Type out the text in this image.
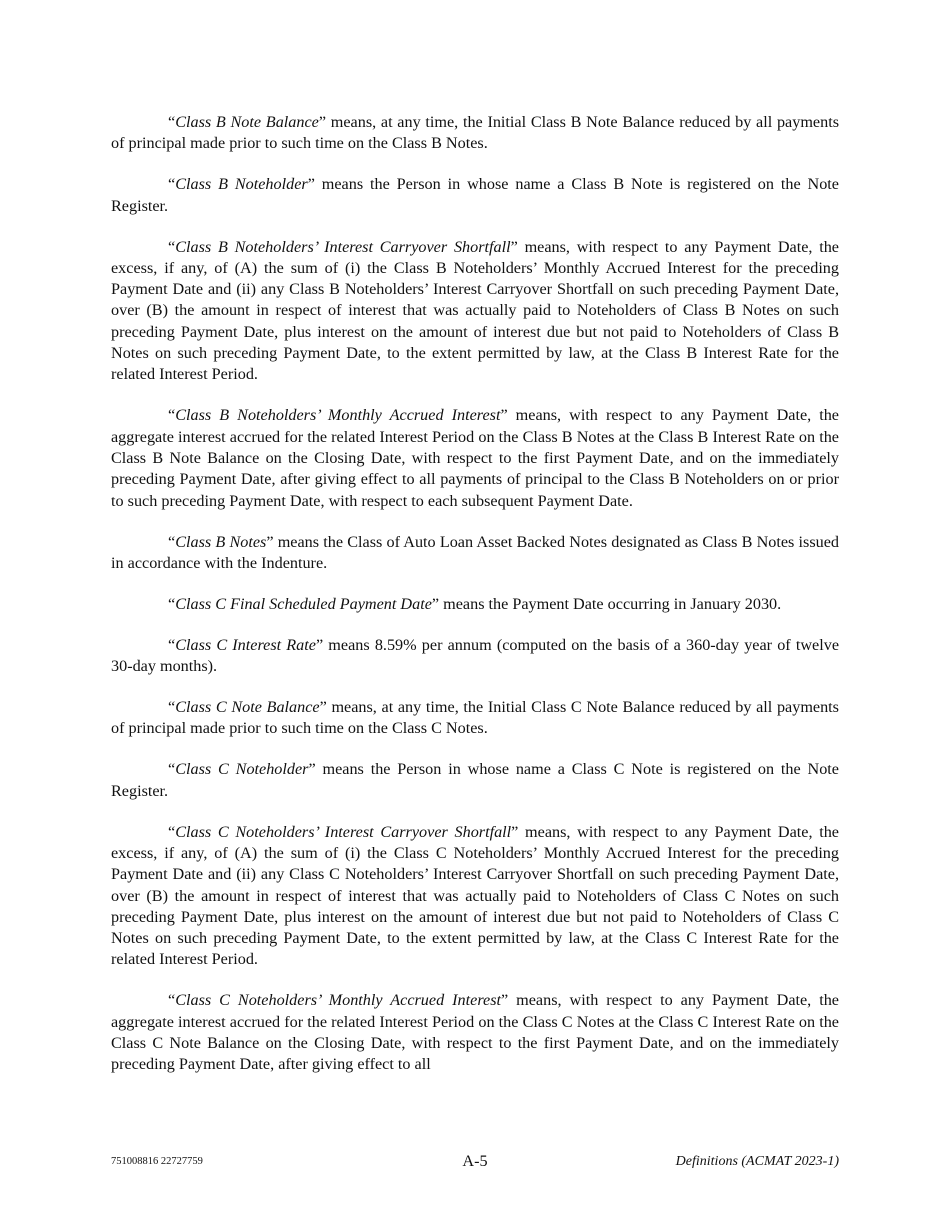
“Class B Note Balance” means, at any time, the Initial Class B Note Balance reduced by all payments of principal made prior to such time on the Class B Notes.

“Class B Noteholder” means the Person in whose name a Class B Note is registered on the Note Register.

“Class B Noteholders’ Interest Carryover Shortfall” means, with respect to any Payment Date, the excess, if any, of (A) the sum of (i) the Class B Noteholders’ Monthly Accrued Interest for the preceding Payment Date and (ii) any Class B Noteholders’ Interest Carryover Shortfall on such preceding Payment Date, over (B) the amount in respect of interest that was actually paid to Noteholders of Class B Notes on such preceding Payment Date, plus interest on the amount of interest due but not paid to Noteholders of Class B Notes on such preceding Payment Date, to the extent permitted by law, at the Class B Interest Rate for the related Interest Period.

“Class B Noteholders’ Monthly Accrued Interest” means, with respect to any Payment Date, the aggregate interest accrued for the related Interest Period on the Class B Notes at the Class B Interest Rate on the Class B Note Balance on the Closing Date, with respect to the first Payment Date, and on the immediately preceding Payment Date, after giving effect to all payments of principal to the Class B Noteholders on or prior to such preceding Payment Date, with respect to each subsequent Payment Date.

“Class B Notes” means the Class of Auto Loan Asset Backed Notes designated as Class B Notes issued in accordance with the Indenture.

“Class C Final Scheduled Payment Date” means the Payment Date occurring in January 2030.

“Class C Interest Rate” means 8.59% per annum (computed on the basis of a 360-day year of twelve 30-day months).

“Class C Note Balance” means, at any time, the Initial Class C Note Balance reduced by all payments of principal made prior to such time on the Class C Notes.

“Class C Noteholder” means the Person in whose name a Class C Note is registered on the Note Register.

“Class C Noteholders’ Interest Carryover Shortfall” means, with respect to any Payment Date, the excess, if any, of (A) the sum of (i) the Class C Noteholders’ Monthly Accrued Interest for the preceding Payment Date and (ii) any Class C Noteholders’ Interest Carryover Shortfall on such preceding Payment Date, over (B) the amount in respect of interest that was actually paid to Noteholders of Class C Notes on such preceding Payment Date, plus interest on the amount of interest due but not paid to Noteholders of Class C Notes on such preceding Payment Date, to the extent permitted by law, at the Class C Interest Rate for the related Interest Period.

“Class C Noteholders’ Monthly Accrued Interest” means, with respect to any Payment Date, the aggregate interest accrued for the related Interest Period on the Class C Notes at the Class C Interest Rate on the Class C Note Balance on the Closing Date, with respect to the first Payment Date, and on the immediately preceding Payment Date, after giving effect to all

751008816 22727759	A-5	Definitions (ACMAT 2023-1)
